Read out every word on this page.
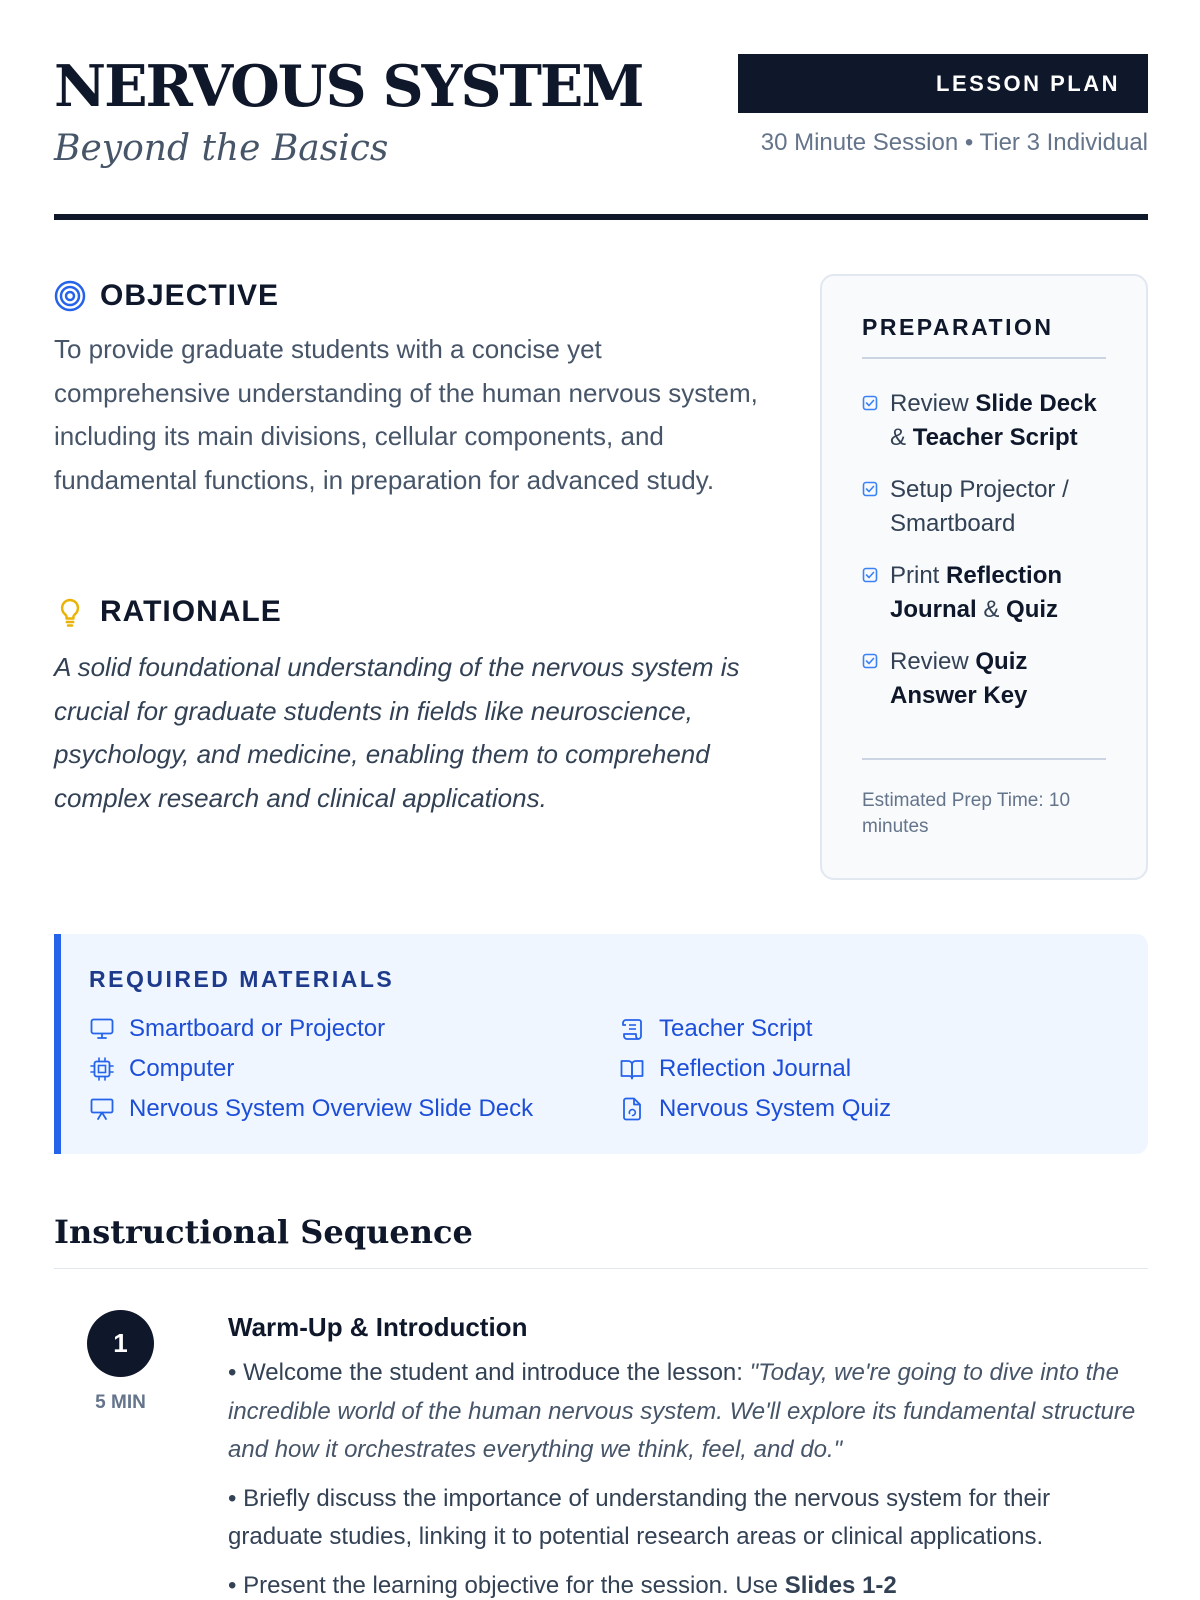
NERVOUS SYSTEM
Beyond the Basics
LESSON PLAN
30 Minute Session • Tier 3 Individual
OBJECTIVE

To provide graduate students with a concise yet comprehensive understanding of the human nervous system, including its main divisions, cellular components, and fundamental functions, in preparation for advanced study.

RATIONALE

A solid foundational understanding of the nervous system is crucial for graduate students in fields like neuroscience, psychology, and medicine, enabling them to comprehend complex research and clinical applications.

PREPARATION
Review Slide Deck & Teacher Script
Setup Projector / Smartboard
Print Reflection Journal & Quiz
Review Quiz Answer Key
Estimated Prep Time: 10 minutes
REQUIRED MATERIALS
Smartboard or Projector
Computer
Nervous System Overview Slide Deck
Teacher Script
Reflection Journal
Nervous System Quiz
Instructional Sequence
1
5 MIN
Warm-Up & Introduction

• Welcome the student and introduce the lesson: "Today, we're going to dive into the incredible world of the human nervous system. We'll explore its fundamental structure and how it orchestrates everything we think, feel, and do."

• Briefly discuss the importance of understanding the nervous system for their graduate studies, linking it to potential research areas or clinical applications.

• Present the learning objective for the session. Use Slides 1-2
